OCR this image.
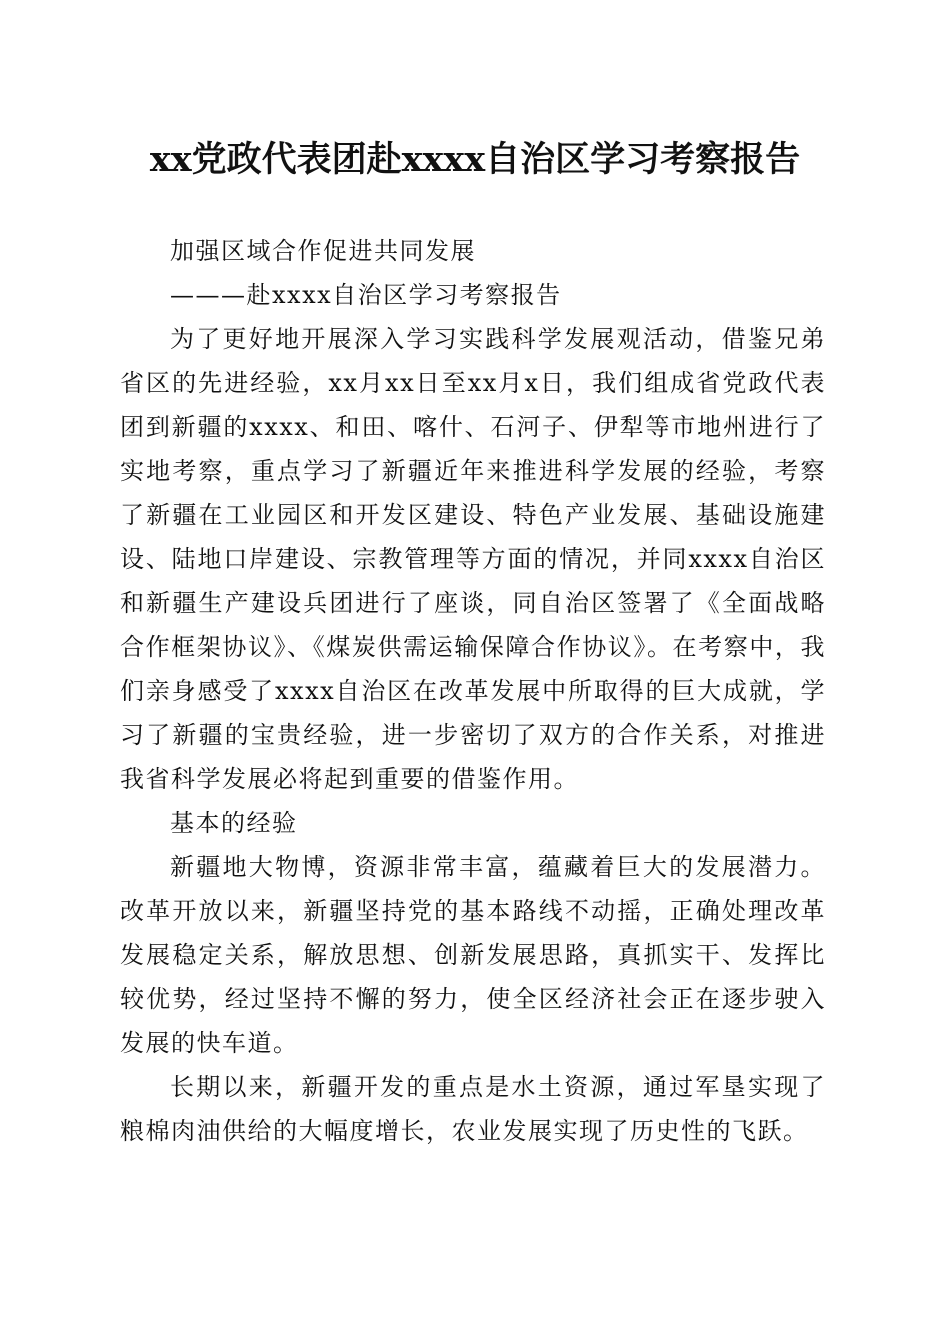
xx党政代表团赴xxxx自治区学习考察报告

加强区域合作促进共同发展

———赴xxxx自治区学习考察报告

为了更好地开展深入学习实践科学发展观活动，借鉴兄弟省区的先进经验，xx月xx日至xx月x日，我们组成省党政代表团到新疆的xxxx、和田、喀什、石河子、伊犁等市地州进行了实地考察，重点学习了新疆近年来推进科学发展的经验，考察了新疆在工业园区和开发区建设、特色产业发展、基础设施建设、陆地口岸建设、宗教管理等方面的情况，并同xxxx自治区和新疆生产建设兵团进行了座谈，同自治区签署了《全面战略合作框架协议》、《煤炭供需运输保障合作协议》。在考察中，我们亲身感受了xxxx自治区在改革发展中所取得的巨大成就，学习了新疆的宝贵经验，进一步密切了双方的合作关系，对推进我省科学发展必将起到重要的借鉴作用。

基本的经验

新疆地大物博，资源非常丰富，蕴藏着巨大的发展潜力。改革开放以来，新疆坚持党的基本路线不动摇，正确处理改革发展稳定关系，解放思想、创新发展思路，真抓实干、发挥比较优势，经过坚持不懈的努力，使全区经济社会正在逐步驶入发展的快车道。

长期以来，新疆开发的重点是水土资源，通过军垦实现了粮棉肉油供给的大幅度增长，农业发展实现了历史性的飞跃。
